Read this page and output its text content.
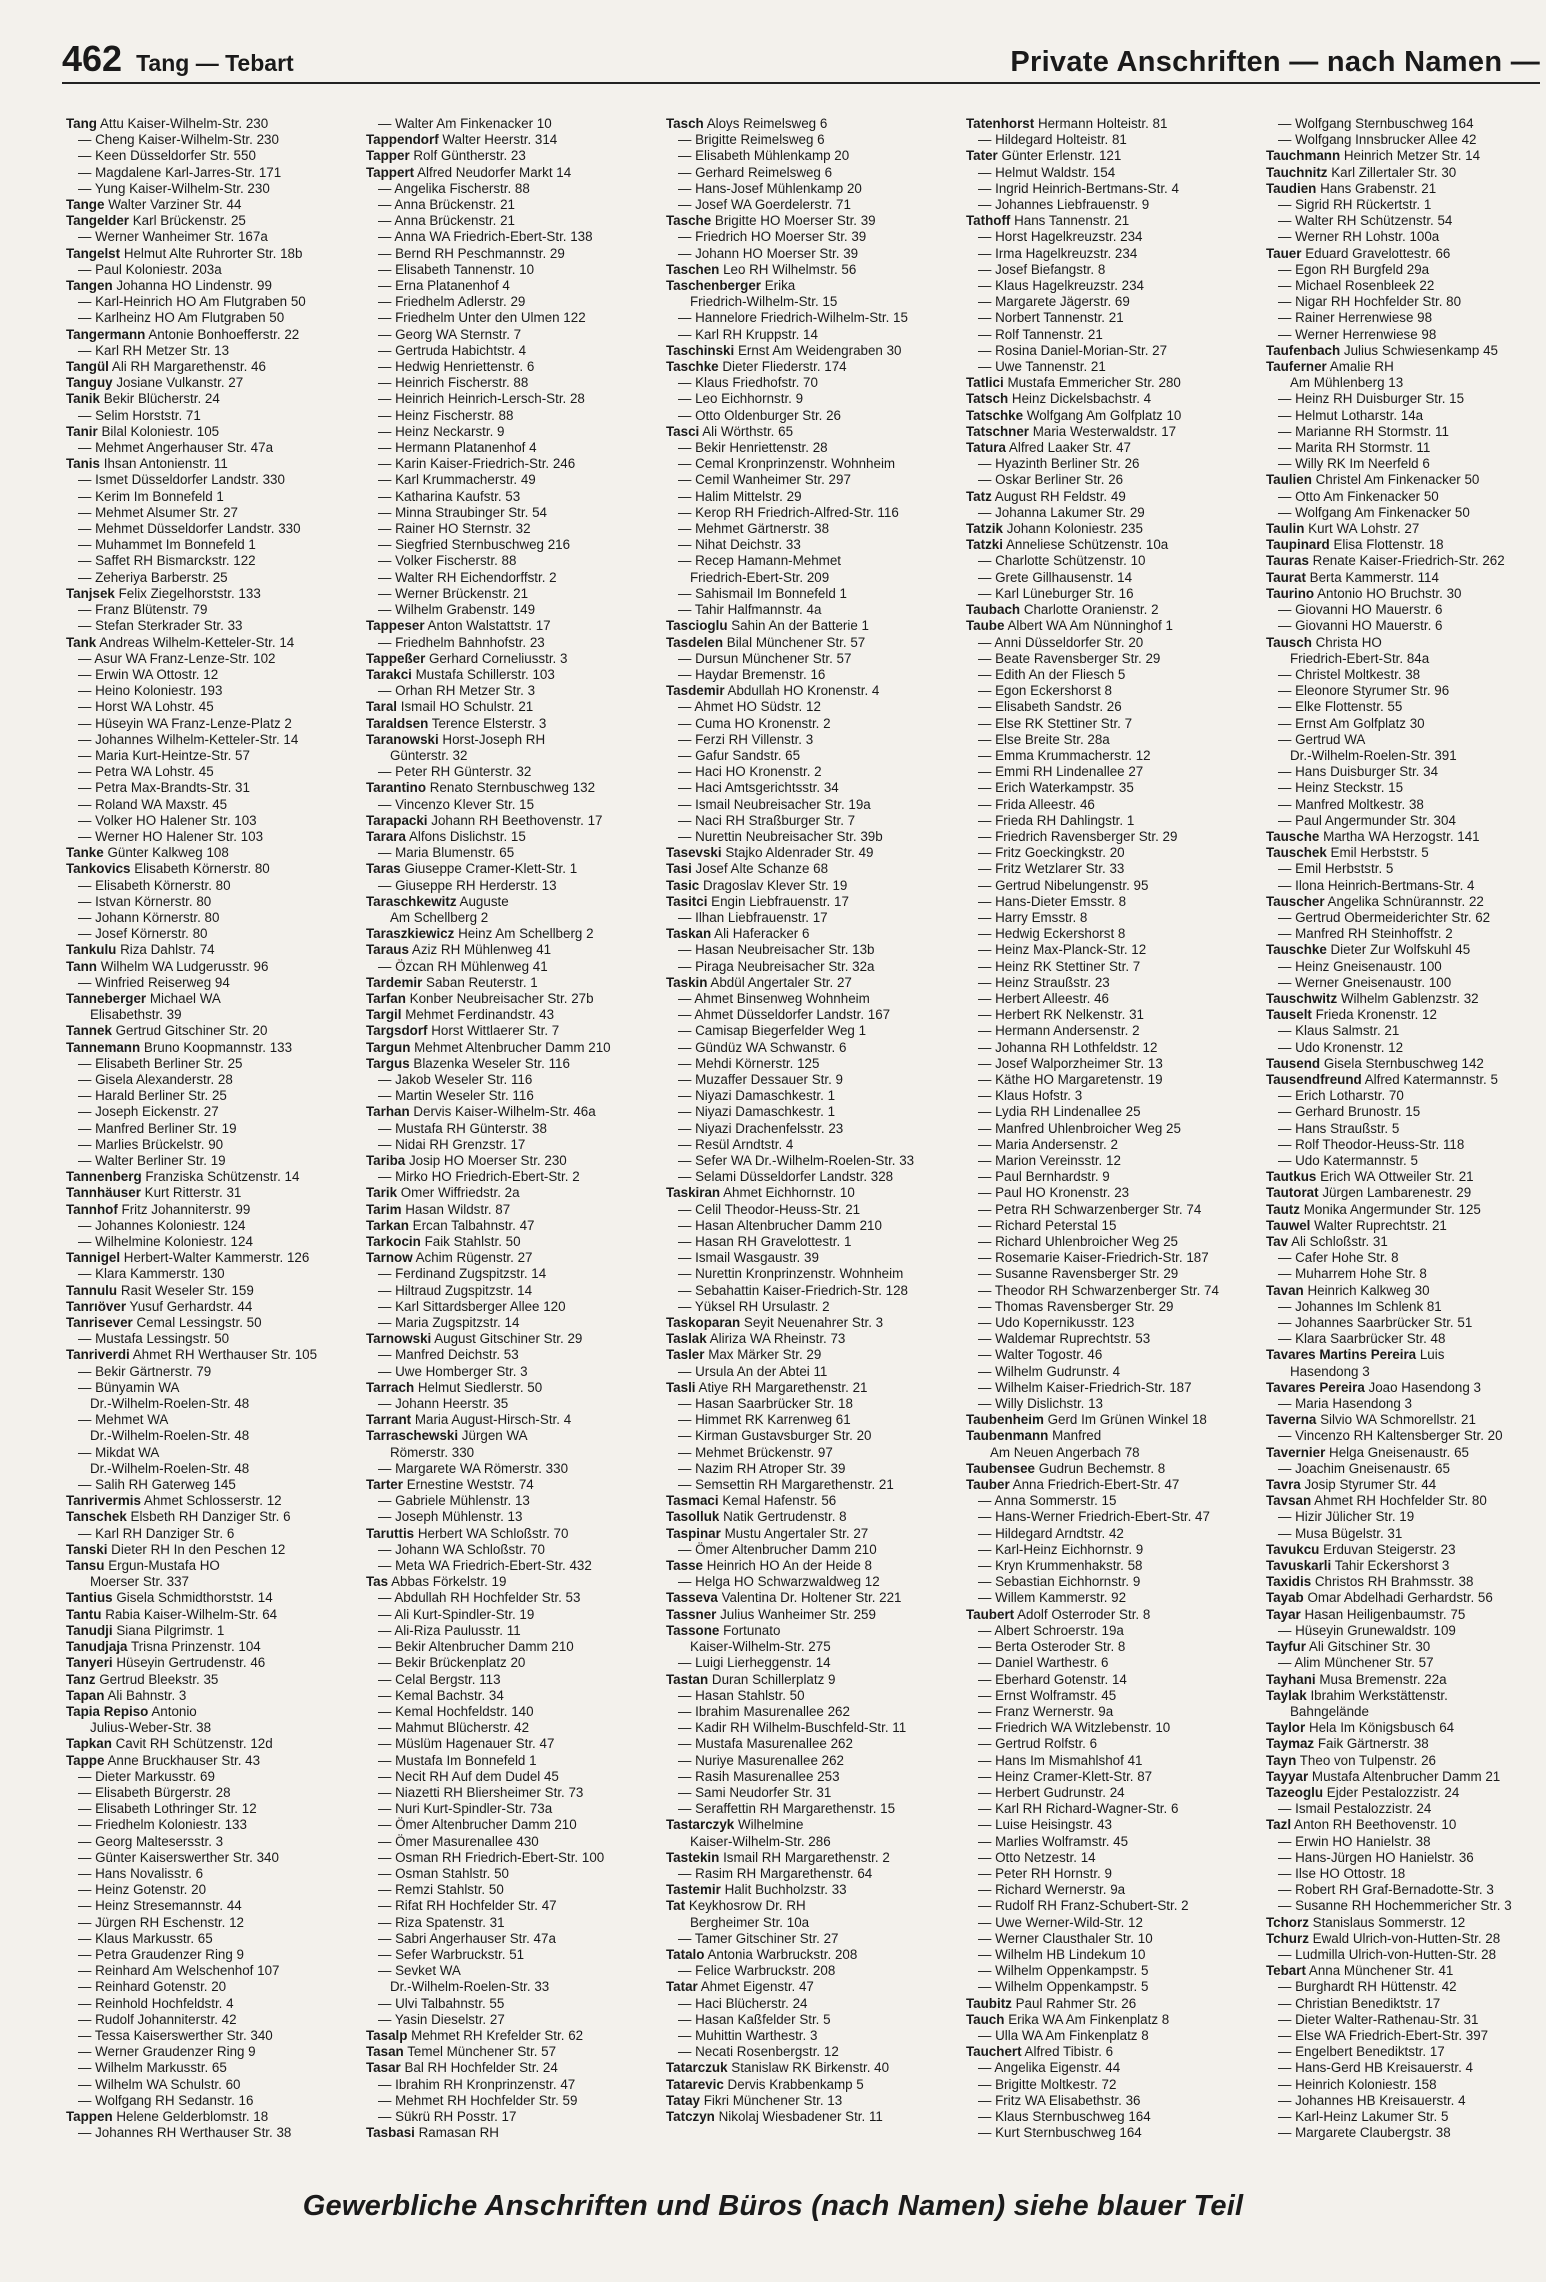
462 Tang — Tebart	Private Anschriften — nach Namen —
Tang Attu Kaiser-Wilhelm-Str. 230
— Cheng Kaiser-Wilhelm-Str. 230
— Keen Düsseldorfer Str. 550
— Magdalene Karl-Jarres-Str. 171
— Yung Kaiser-Wilhelm-Str. 230
Tange Walter Varziner Str. 44
Tangelder Karl Brückenstr. 25
— Werner Wanheimer Str. 167a
Tangelst Helmut Alte Ruhrorter Str. 18b
— Paul Koloniestr. 203a
Tangen Johanna HO Lindenstr. 99
— Karl-Heinrich HO Am Flutgraben 50
— Karlheinz HO Am Flutgraben 50
Tangermann Antonie Bonhoefferstr. 22
— Karl RH Metzer Str. 13
Tangül Ali RH Margarethenstr. 46
Tanguy Josiane Vulkanstr. 27
Tanik Bekir Blücherstr. 24
— Selim Horststr. 71
Tanir Bilal Koloniestr. 105
— Mehmet Angerhauser Str. 47a
Tanis Ihsan Antonienstr. 11
— Ismet Düsseldorfer Landstr. 330
— Kerim Im Bonnefeld 1
— Mehmet Alsumer Str. 27
— Mehmet Düsseldorfer Landstr. 330
— Muhammet Im Bonnefeld 1
— Saffet RH Bismarckstr. 122
— Zeheriya Barberstr. 25
Tanjsek Felix Ziegelhorststr. 133
— Franz Blütenstr. 79
— Stefan Sterkrader Str. 33
Tank Andreas Wilhelm-Ketteler-Str. 14
— Asur WA Franz-Lenze-Str. 102
— Erwin WA Ottostr. 12
— Heino Koloniestr. 193
— Horst WA Lohstr. 45
— Hüseyin WA Franz-Lenze-Platz 2
— Johannes Wilhelm-Ketteler-Str. 14
— Maria Kurt-Heintze-Str. 57
— Petra WA Lohstr. 45
— Petra Max-Brandts-Str. 31
— Roland WA Maxstr. 45
— Volker HO Halener Str. 103
— Werner HO Halener Str. 103
Tanke Günter Kalkweg 108
Tankovics Elisabeth Körnerstr. 80
— Elisabeth Körnerstr. 80
— Istvan Körnerstr. 80
— Johann Körnerstr. 80
— Josef Körnerstr. 80
Tankulu Riza Dahlstr. 74
Tann Wilhelm WA Ludgerusstr. 96
— Winfried Reiserweg 94
Tanneberger Michael WA
Elisabethstr. 39
Tannek Gertrud Gitschiner Str. 20
Tannemann Bruno Koopmannstr. 133
— Elisabeth Berliner Str. 25
— Gisela Alexanderstr. 28
— Harald Berliner Str. 25
— Joseph Eickenstr. 27
— Manfred Berliner Str. 19
— Marlies Brückelstr. 90
— Walter Berliner Str. 19
Tannenberg Franziska Schützenstr. 14
Tannhäuser Kurt Ritterstr. 31
Tannhof Fritz Johanniterstr. 99
— Johannes Koloniestr. 124
— Wilhelmine Koloniestr. 124
Tannigel Herbert-Walter Kammerstr. 126
— Klara Kammerstr. 130
Tannulu Rasit Weseler Str. 159
Tanrıöver Yusuf Gerhardstr. 44
Tanrisever Cemal Lessingstr. 50
— Mustafa Lessingstr. 50
Tanriverdi Ahmet RH Werthauser Str. 105
— Bekir Gärtnerstr. 79
— Bünyamin WA
Dr.-Wilhelm-Roelen-Str. 48
— Mehmet WA
Dr.-Wilhelm-Roelen-Str. 48
— Mikdat WA
Dr.-Wilhelm-Roelen-Str. 48
— Salih RH Gaterweg 145
Tanrivermis Ahmet Schlosserstr. 12
Tanschek Elsbeth RH Danziger Str. 6
— Karl RH Danziger Str. 6
Tanski Dieter RH In den Peschen 12
Tansu Ergun-Mustafa HO
Moerser Str. 337
Tantius Gisela Schmidthorststr. 14
Tantu Rabia Kaiser-Wilhelm-Str. 64
Tanudji Siana Pilgrimstr. 1
Tanudjaja Trisna Prinzenstr. 104
Tanyeri Hüseyin Gertrudenstr. 46
Tanz Gertrud Bleekstr. 35
Tapan Ali Bahnstr. 3
Tapia Repiso Antonio
Julius-Weber-Str. 38
Tapkan Cavit RH Schützenstr. 12d
Tappe Anne Bruckhauser Str. 43
— Dieter Markusstr. 69
— Elisabeth Bürgerstr. 28
— Elisabeth Lothringer Str. 12
— Friedhelm Koloniestr. 133
— Georg Maltesersstr. 3
— Günter Kaiserswerther Str. 340
— Hans Novalisstr. 6
— Heinz Gotenstr. 20
— Heinz Stresemannstr. 44
— Jürgen RH Eschenstr. 12
— Klaus Markusstr. 65
— Petra Graudenzer Ring 9
— Reinhard Am Welschenhof 107
— Reinhard Gotenstr. 20
— Reinhold Hochfeldstr. 4
— Rudolf Johanniterstr. 42
— Tessa Kaiserswerther Str. 340
— Werner Graudenzer Ring 9
— Wilhelm Markusstr. 65
— Wilhelm WA Schulstr. 60
— Wolfgang RH Sedanstr. 16
Tappen Helene Gelderblomstr. 18
— Johannes RH Werthauser Str. 38
— Walter Am Finkenacker 10
Tappendorf Walter Heerstr. 314
Tapper Rolf Güntherstr. 23
Tappert Alfred Neudorfer Markt 14
— Angelika Fischerstr. 88
— Anna Brückenstr. 21
— Anna Brückenstr. 21
— Anna WA Friedrich-Ebert-Str. 138
— Bernd RH Peschmannstr. 29
— Elisabeth Tannenstr. 10
— Erna Platanenhof 4
— Friedhelm Adlerstr. 29
— Friedhelm Unter den Ulmen 122
— Georg WA Sternstr. 7
— Gertruda Habichtstr. 4
— Hedwig Henriettenstr. 6
— Heinrich Fischerstr. 88
— Heinrich Heinrich-Lersch-Str. 28
— Heinz Fischerstr. 88
— Heinz Neckarstr. 9
— Hermann Platanenhof 4
— Karin Kaiser-Friedrich-Str. 246
— Karl Krummacherstr. 49
— Katharina Kaufstr. 53
— Minna Straubinger Str. 54
— Rainer HO Sternstr. 32
— Siegfried Sternbuschweg 216
— Volker Fischerstr. 88
— Walter RH Eichendorffstr. 2
— Werner Brückenstr. 21
— Wilhelm Grabenstr. 149
Tappeser Anton Walstattstr. 17
— Friedhelm Bahnhofstr. 23
Tappeßer Gerhard Corneliusstr. 3
Tarakci Mustafa Schillerstr. 103
— Orhan RH Metzer Str. 3
Taral Ismail HO Schulstr. 21
Taraldsen Terence Elsterstr. 3
Taranowski Horst-Joseph RH
Günterstr. 32
— Peter RH Günterstr. 32
Tarantino Renato Sternbuschweg 132
— Vincenzo Klever Str. 15
Tarapacki Johann RH Beethovenstr. 17
Tarara Alfons Dislichstr. 15
— Maria Blumenstr. 65
Taras Giuseppe Cramer-Klett-Str. 1
— Giuseppe RH Herderstr. 13
Taraschkewitz Auguste
Am Schellberg 2
Taraszkiewicz Heinz Am Schellberg 2
Taraus Aziz RH Mühlenweg 41
— Özcan RH Mühlenweg 41
Tardemir Saban Reuterstr. 1
Tarfan Konber Neubreisacher Str. 27b
Targil Mehmet Ferdinandstr. 43
Targsdorf Horst Wittlaerer Str. 7
Targun Mehmet Altenbrucher Damm 210
Targus Blazenka Weseler Str. 116
— Jakob Weseler Str. 116
— Martin Weseler Str. 116
Tarhan Dervis Kaiser-Wilhelm-Str. 46a
— Mustafa RH Günterstr. 38
— Nidai RH Grenzstr. 17
Tariba Josip HO Moerser Str. 230
— Mirko HO Friedrich-Ebert-Str. 2
Tarik Omer Wiffriedstr. 2a
Tarim Hasan Wildstr. 87
Tarkan Ercan Talbahnstr. 47
Tarkocin Faik Stahlstr. 50
Tarnow Achim Rügenstr. 27
— Ferdinand Zugspitzstr. 14
— Hiltraud Zugspitzstr. 14
— Karl Sittardsberger Allee 120
— Maria Zugspitzstr. 14
Tarnowski August Gitschiner Str. 29
— Manfred Deichstr. 53
— Uwe Homberger Str. 3
Tarrach Helmut Siedlerstr. 50
— Johann Heerstr. 35
Tarrant Maria August-Hirsch-Str. 4
Tarraschewski Jürgen WA
Römerstr. 330
— Margarete WA Römerstr. 330
Tarter Ernestine Weststr. 74
— Gabriele Mühlenstr. 13
— Joseph Mühlenstr. 13
Taruttis Herbert WA Schloßstr. 70
— Johann WA Schloßstr. 70
— Meta WA Friedrich-Ebert-Str. 432
Tas Abbas Förkelstr. 19
— Abdullah RH Hochfelder Str. 53
— Ali Kurt-Spindler-Str. 19
— Ali-Riza Paulusstr. 11
— Bekir Altenbrucher Damm 210
— Bekir Brückenplatz 20
— Celal Bergstr. 113
— Kemal Bachstr. 34
— Kemal Hochfeldstr. 140
— Mahmut Blücherstr. 42
— Müslüm Hagenauer Str. 47
— Mustafa Im Bonnefeld 1
— Necit RH Auf dem Dudel 45
— Niazetti RH Bliersheimer Str. 73
— Nuri Kurt-Spindler-Str. 73a
— Ömer Altenbrucher Damm 210
— Ömer Masurenallee 430
— Osman RH Friedrich-Ebert-Str. 100
— Osman Stahlstr. 50
— Remzi Stahlstr. 50
— Rifat RH Hochfelder Str. 47
— Riza Spatenstr. 31
— Sabri Angerhauser Str. 47a
— Sefer Warbruckstr. 51
— Sevket WA
Dr.-Wilhelm-Roelen-Str. 33
— Ulvi Talbahnstr. 55
— Yasin Dieselstr. 27
Tasalp Mehmet RH Krefelder Str. 62
Tasan Temel Münchener Str. 57
Tasar Bal RH Hochfelder Str. 24
— Ibrahim RH Kronprinzenstr. 47
— Mehmet RH Hochfelder Str. 59
— Sükrü RH Posstr. 17
Tasbasi Ramasan RH
Tasch Aloys Reimelsweg 6
— Brigitte Reimelsweg 6
— Elisabeth Mühlenkamp 20
— Gerhard Reimelsweg 6
— Hans-Josef Mühlenkamp 20
— Josef WA Goerdelerstr. 71
Tasche Brigitte HO Moerser Str. 39
— Friedrich HO Moerser Str. 39
— Johann HO Moerser Str. 39
Taschen Leo RH Wilhelmstr. 56
Taschenberger Erika
Friedrich-Wilhelm-Str. 15
— Hannelore Friedrich-Wilhelm-Str. 15
— Karl RH Kruppstr. 14
Taschinski Ernst Am Weidengraben 30
Taschke Dieter Fliederstr. 174
— Klaus Friedhofstr. 70
— Leo Eichhornstr. 9
— Otto Oldenburger Str. 26
Tasci Ali Wörthstr. 65
— Bekir Henriettenstr. 28
— Cemal Kronprinzenstr. Wohnheim
— Cemil Wanheimer Str. 297
— Halim Mittelstr. 29
— Kerop RH Friedrich-Alfred-Str. 116
— Mehmet Gärtnerstr. 38
— Nihat Deichstr. 33
— Recep Hamann-Mehmet
Friedrich-Ebert-Str. 209
— Sahismail Im Bonnefeld 1
— Tahir Halfmannstr. 4a
Tascioglu Sahin An der Batterie 1
Tasdelen Bilal Münchener Str. 57
— Dursun Münchener Str. 57
— Haydar Bremenstr. 16
Tasdemir Abdullah HO Kronenstr. 4
— Ahmet HO Südstr. 12
— Cuma HO Kronenstr. 2
— Ferzi RH Villenstr. 3
— Gafur Sandstr. 65
— Haci HO Kronenstr. 2
— Haci Amtsgerichtsstr. 34
— Ismail Neubreisacher Str. 19a
— Naci RH Straßburger Str. 7
— Nurettin Neubreisacher Str. 39b
Tasevski Stajko Aldenrader Str. 49
Tasi Josef Alte Schanze 68
Tasic Dragoslav Klever Str. 19
Tasitci Engin Liebfrauenstr. 17
— Ilhan Liebfrauenstr. 17
Taskan Ali Haferacker 6
— Hasan Neubreisacher Str. 13b
— Piraga Neubreisacher Str. 32a
Taskin Abdül Angertaler Str. 27
— Ahmet Binsenweg Wohnheim
— Ahmet Düsseldorfer Landstr. 167
— Camisap Biegerfelder Weg 1
— Gündüz WA Schwanstr. 6
— Mehdi Körnerstr. 125
— Muzaffer Dessauer Str. 9
— Niyazi Damaschkestr. 1
— Niyazi Damaschkestr. 1
— Niyazi Drachenfelsstr. 23
— Resül Arndtstr. 4
— Sefer WA Dr.-Wilhelm-Roelen-Str. 33
— Selami Düsseldorfer Landstr. 328
Taskiran Ahmet Eichhornstr. 10
— Celil Theodor-Heuss-Str. 21
— Hasan Altenbrucher Damm 210
— Hasan RH Gravelottestr. 1
— Ismail Wasgaustr. 39
— Nurettin Kronprinzenstr. Wohnheim
— Sebahattin Kaiser-Friedrich-Str. 128
— Yüksel RH Ursulastr. 2
Taskoparan Seyit Neuenahrer Str. 3
Taslak Aliriza WA Rheinstr. 73
Tasler Max Märker Str. 29
— Ursula An der Abtei 11
Tasli Atiye RH Margarethenstr. 21
— Hasan Saarbrücker Str. 18
— Himmet RK Karrenweg 61
— Kirman Gustavsburger Str. 20
— Mehmet Brückenstr. 97
— Nazim RH Atroper Str. 39
— Semsettin RH Margarethenstr. 21
Tasmaci Kemal Hafenstr. 56
Tasolluk Natik Gertrudenstr. 8
Taspinar Mustu Angertaler Str. 27
— Ömer Altenbrucher Damm 210
Tasse Heinrich HO An der Heide 8
— Helga HO Schwarzwaldweg 12
Tasseva Valentina Dr. Holtener Str. 221
Tassner Julius Wanheimer Str. 259
Tassone Fortunato
Kaiser-Wilhelm-Str. 275
— Luigi Lierheggenstr. 14
Tastan Duran Schillerplatz 9
— Hasan Stahlstr. 50
— Ibrahim Masurenallee 262
— Kadir RH Wilhelm-Buschfeld-Str. 11
— Mustafa Masurenallee 262
— Nuriye Masurenallee 262
— Rasih Masurenallee 253
— Sami Neudorfer Str. 31
— Seraffettin RH Margarethenstr. 15
Tastarczyk Wilhelmine
Kaiser-Wilhelm-Str. 286
Tastekin Ismail RH Margarethenstr. 2
— Rasim RH Margarethenstr. 64
Tastemir Halit Buchholzstr. 33
Tat Keykhosrow Dr. RH
Bergheimer Str. 10a
— Tamer Gitschiner Str. 27
Tatalo Antonia Warbruckstr. 208
— Felice Warbruckstr. 208
Tatar Ahmet Eigenstr. 47
— Haci Blücherstr. 24
— Hasan Kaßfelder Str. 5
— Muhittin Warthestr. 3
— Necati Rosenbergstr. 12
Tatarczuk Stanislaw RK Birkenstr. 40
Tatarevic Dervis Krabbenkamp 5
Tatay Fikri Münchener Str. 13
Tatczyn Nikolaj Wiesbadener Str. 11
Tatenhorst Hermann Holteistr. 81
— Hildegard Holteistr. 81
Tater Günter Erlenstr. 121
— Helmut Waldstr. 154
— Ingrid Heinrich-Bertmans-Str. 4
— Johannes Liebfrauenstr. 9
Tathoff Hans Tannenstr. 21
— Horst Hagelkreuzstr. 234
— Irma Hagelkreuzstr. 234
— Josef Biefangstr. 8
— Klaus Hagelkreuzstr. 234
— Margarete Jägerstr. 69
— Norbert Tannenstr. 21
— Rolf Tannenstr. 21
— Rosina Daniel-Morian-Str. 27
— Uwe Tannenstr. 21
Tatlici Mustafa Emmericher Str. 280
Tatsch Heinz Dickelsbachstr. 4
Tatschke Wolfgang Am Golfplatz 10
Tatschner Maria Westerwaldstr. 17
Tatura Alfred Laaker Str. 47
— Hyazinth Berliner Str. 26
— Oskar Berliner Str. 26
Tatz August RH Feldstr. 49
— Johanna Lakumer Str. 29
Tatzik Johann Koloniestr. 235
Tatzki Anneliese Schützenstr. 10a
— Charlotte Schützenstr. 10
— Grete Gillhausenstr. 14
— Karl Lüneburger Str. 16
Taubach Charlotte Oranienstr. 2
Taube Albert WA Am Nünninghof 1
— Anni Düsseldorfer Str. 20
— Beate Ravensberger Str. 29
— Edith An der Fliesch 5
— Egon Eckershorst 8
— Elisabeth Sandstr. 26
— Else RK Stettiner Str. 7
— Else Breite Str. 28a
— Emma Krummacherstr. 12
— Emmi RH Lindenallee 27
— Erich Waterkampstr. 35
— Frida Alleestr. 46
— Frieda RH Dahlingstr. 1
— Friedrich Ravensberger Str. 29
— Fritz Goeckingkstr. 20
— Fritz Wetzlarer Str. 33
— Gertrud Nibelungenstr. 95
— Hans-Dieter Emsstr. 8
— Harry Emsstr. 8
— Hedwig Eckershorst 8
— Heinz Max-Planck-Str. 12
— Heinz RK Stettiner Str. 7
— Heinz Straußstr. 23
— Herbert Alleestr. 46
— Herbert RK Nelkenstr. 31
— Hermann Andersenstr. 2
— Johanna RH Lothfeldstr. 12
— Josef Walporzheimer Str. 13
— Käthe HO Margaretenstr. 19
— Klaus Hofstr. 3
— Lydia RH Lindenallee 25
— Manfred Uhlenbroicher Weg 25
— Maria Andersenstr. 2
— Marion Vereinsstr. 12
— Paul Bernhardstr. 9
— Paul HO Kronenstr. 23
— Petra RH Schwarzenberger Str. 74
— Richard Peterstal 15
— Richard Uhlenbroicher Weg 25
— Rosemarie Kaiser-Friedrich-Str. 187
— Susanne Ravensberger Str. 29
— Theodor RH Schwarzenberger Str. 74
— Thomas Ravensberger Str. 29
— Udo Kopernikusstr. 123
— Waldemar Ruprechtstr. 53
— Walter Togostr. 46
— Wilhelm Gudrunstr. 4
— Wilhelm Kaiser-Friedrich-Str. 187
— Willy Dislichstr. 13
Taubenheim Gerd Im Grünen Winkel 18
Taubenmann Manfred
Am Neuen Angerbach 78
Taubensee Gudrun Bechemstr. 8
Tauber Anna Friedrich-Ebert-Str. 47
— Anna Sommerstr. 15
— Hans-Werner Friedrich-Ebert-Str. 47
— Hildegard Arndtstr. 42
— Karl-Heinz Eichhornstr. 9
— Kryn Krummenhakstr. 58
— Sebastian Eichhornstr. 9
— Willem Kammerstr. 92
Taubert Adolf Osterroder Str. 8
— Albert Schroerstr. 19a
— Berta Osteroder Str. 8
— Daniel Warthestr. 6
— Eberhard Gotenstr. 14
— Ernst Wolframstr. 45
— Franz Wernerstr. 9a
— Friedrich WA Witzlebenstr. 10
— Gertrud Rolfstr. 6
— Hans Im Mismahlshof 41
— Heinz Cramer-Klett-Str. 87
— Herbert Gudrunstr. 24
— Karl RH Richard-Wagner-Str. 6
— Luise Heisingstr. 43
— Marlies Wolframstr. 45
— Otto Netzestr. 14
— Peter RH Hornstr. 9
— Richard Wernerstr. 9a
— Rudolf RH Franz-Schubert-Str. 2
— Uwe Werner-Wild-Str. 12
— Werner Clausthaler Str. 10
— Wilhelm HB Lindekum 10
— Wilhelm Oppenkampstr. 5
— Wilhelm Oppenkampstr. 5
Taubitz Paul Rahmer Str. 26
Tauch Erika WA Am Finkenplatz 8
— Ulla WA Am Finkenplatz 8
Tauchert Alfred Tibistr. 6
— Angelika Eigenstr. 44
— Brigitte Moltkestr. 72
— Fritz WA Elisabethstr. 36
— Klaus Sternbuschweg 164
— Kurt Sternbuschweg 164
— Wolfgang Sternbuschweg 164
— Wolfgang Innsbrucker Allee 42
Tauchmann Heinrich Metzer Str. 14
Tauchnitz Karl Zillertaler Str. 30
Taudien Hans Grabenstr. 21
— Sigrid RH Rückertstr. 1
— Walter RH Schützenstr. 54
— Werner RH Lohstr. 100a
Tauer Eduard Gravelottestr. 66
— Egon RH Burgfeld 29a
— Michael Rosenbleek 22
— Nigar RH Hochfelder Str. 80
— Rainer Herrenwiese 98
— Werner Herrenwiese 98
Taufenbach Julius Schwiesenkamp 45
Tauferner Amalie RH
Am Mühlenberg 13
— Heinz RH Duisburger Str. 15
— Helmut Lotharstr. 14a
— Marianne RH Stormstr. 11
— Marita RH Stormstr. 11
— Willy RK Im Neerfeld 6
Taulien Christel Am Finkenacker 50
— Otto Am Finkenacker 50
— Wolfgang Am Finkenacker 50
Taulin Kurt WA Lohstr. 27
Taupinard Elisa Flottenstr. 18
Tauras Renate Kaiser-Friedrich-Str. 262
Taurat Berta Kammerstr. 114
Taurino Antonio HO Bruchstr. 30
— Giovanni HO Mauerstr. 6
— Giovanni HO Mauerstr. 6
Tausch Christa HO
Friedrich-Ebert-Str. 84a
— Christel Moltkestr. 38
— Eleonore Styrumer Str. 96
— Elke Flottenstr. 55
— Ernst Am Golfplatz 30
— Gertrud WA
Dr.-Wilhelm-Roelen-Str. 391
— Hans Duisburger Str. 34
— Heinz Steckstr. 15
— Manfred Moltkestr. 38
— Paul Angermunder Str. 304
Tausche Martha WA Herzogstr. 141
Tauschek Emil Herbststr. 5
— Emil Herbststr. 5
— Ilona Heinrich-Bertmans-Str. 4
Tauscher Angelika Schnürannstr. 22
— Gertrud Obermeiderichter Str. 62
— Manfred RH Steinhoffstr. 2
Tauschke Dieter Zur Wolfskuhl 45
— Heinz Gneisenaustr. 100
— Werner Gneisenaustr. 100
Tauschwitz Wilhelm Gablenzstr. 32
Tauselt Frieda Kronenstr. 12
— Klaus Salmstr. 21
— Udo Kronenstr. 12
Tausend Gisela Sternbuschweg 142
Tausendfreund Alfred Katermannstr. 5
— Erich Lotharstr. 70
— Gerhard Brunostr. 15
— Hans Straußstr. 5
— Rolf Theodor-Heuss-Str. 118
— Udo Katermannstr. 5
Tautkus Erich WA Ottweiler Str. 21
Tautorat Jürgen Lambarenestr. 29
Tautz Monika Angermunder Str. 125
Tauwel Walter Ruprechtstr. 21
Tav Ali Schloßstr. 31
— Cafer Hohe Str. 8
— Muharrem Hohe Str. 8
Tavan Heinrich Kalkweg 30
— Johannes Im Schlenk 81
— Johannes Saarbrücker Str. 51
— Klara Saarbrücker Str. 48
Tavares Martins Pereira Luis
Hasendong 3
Tavares Pereira Joao Hasendong 3
— Maria Hasendong 3
Taverna Silvio WA Schmorellstr. 21
— Vincenzo RH Kaltensberger Str. 20
Tavernier Helga Gneisenaustr. 65
— Joachim Gneisenaustr. 65
Tavra Josip Styrumer Str. 44
Tavsan Ahmet RH Hochfelder Str. 80
— Hizir Jülicher Str. 19
— Musa Bügelstr. 31
Tavukcu Erduvan Steigerstr. 23
Tavuskarli Tahir Eckershorst 3
Taxidis Christos RH Brahmsstr. 38
Tayab Omar Abdelhadi Gerhardstr. 56
Tayar Hasan Heiligenbaumstr. 75
— Hüseyin Grunewaldstr. 109
Tayfur Ali Gitschiner Str. 30
— Alim Münchener Str. 57
Tayhani Musa Bremenstr. 22a
Taylak Ibrahim Werkstättenstr.
Bahngelände
Taylor Hela Im Königsbusch 64
Taymaz Faik Gärtnerstr. 38
Tayn Theo von Tulpenstr. 26
Tayyar Mustafa Altenbrucher Damm 21
Tazeoglu Ejder Pestalozzistr. 24
— Ismail Pestalozzistr. 24
Tazl Anton RH Beethovenstr. 10
— Erwin HO Hanielstr. 38
— Hans-Jürgen HO Hanielstr. 36
— Ilse HO Ottostr. 18
— Robert RH Graf-Bernadotte-Str. 3
— Susanne RH Hochemmericher Str. 3
Tchorz Stanislaus Sommerstr. 12
Tchurz Ewald Ulrich-von-Hutten-Str. 28
— Ludmilla Ulrich-von-Hutten-Str. 28
Tebart Anna Münchener Str. 41
— Burghardt RH Hüttenstr. 42
— Christian Benediktstr. 17
— Dieter Walter-Rathenau-Str. 31
— Else WA Friedrich-Ebert-Str. 397
— Engelbert Benediktstr. 17
— Hans-Gerd HB Kreisauerstr. 4
— Heinrich Koloniestr. 158
— Johannes HB Kreisauerstr. 4
— Karl-Heinz Lakumer Str. 5
— Margarete Claubergstr. 38
Gewerbliche Anschriften und Büros (nach Namen) siehe blauer Teil
